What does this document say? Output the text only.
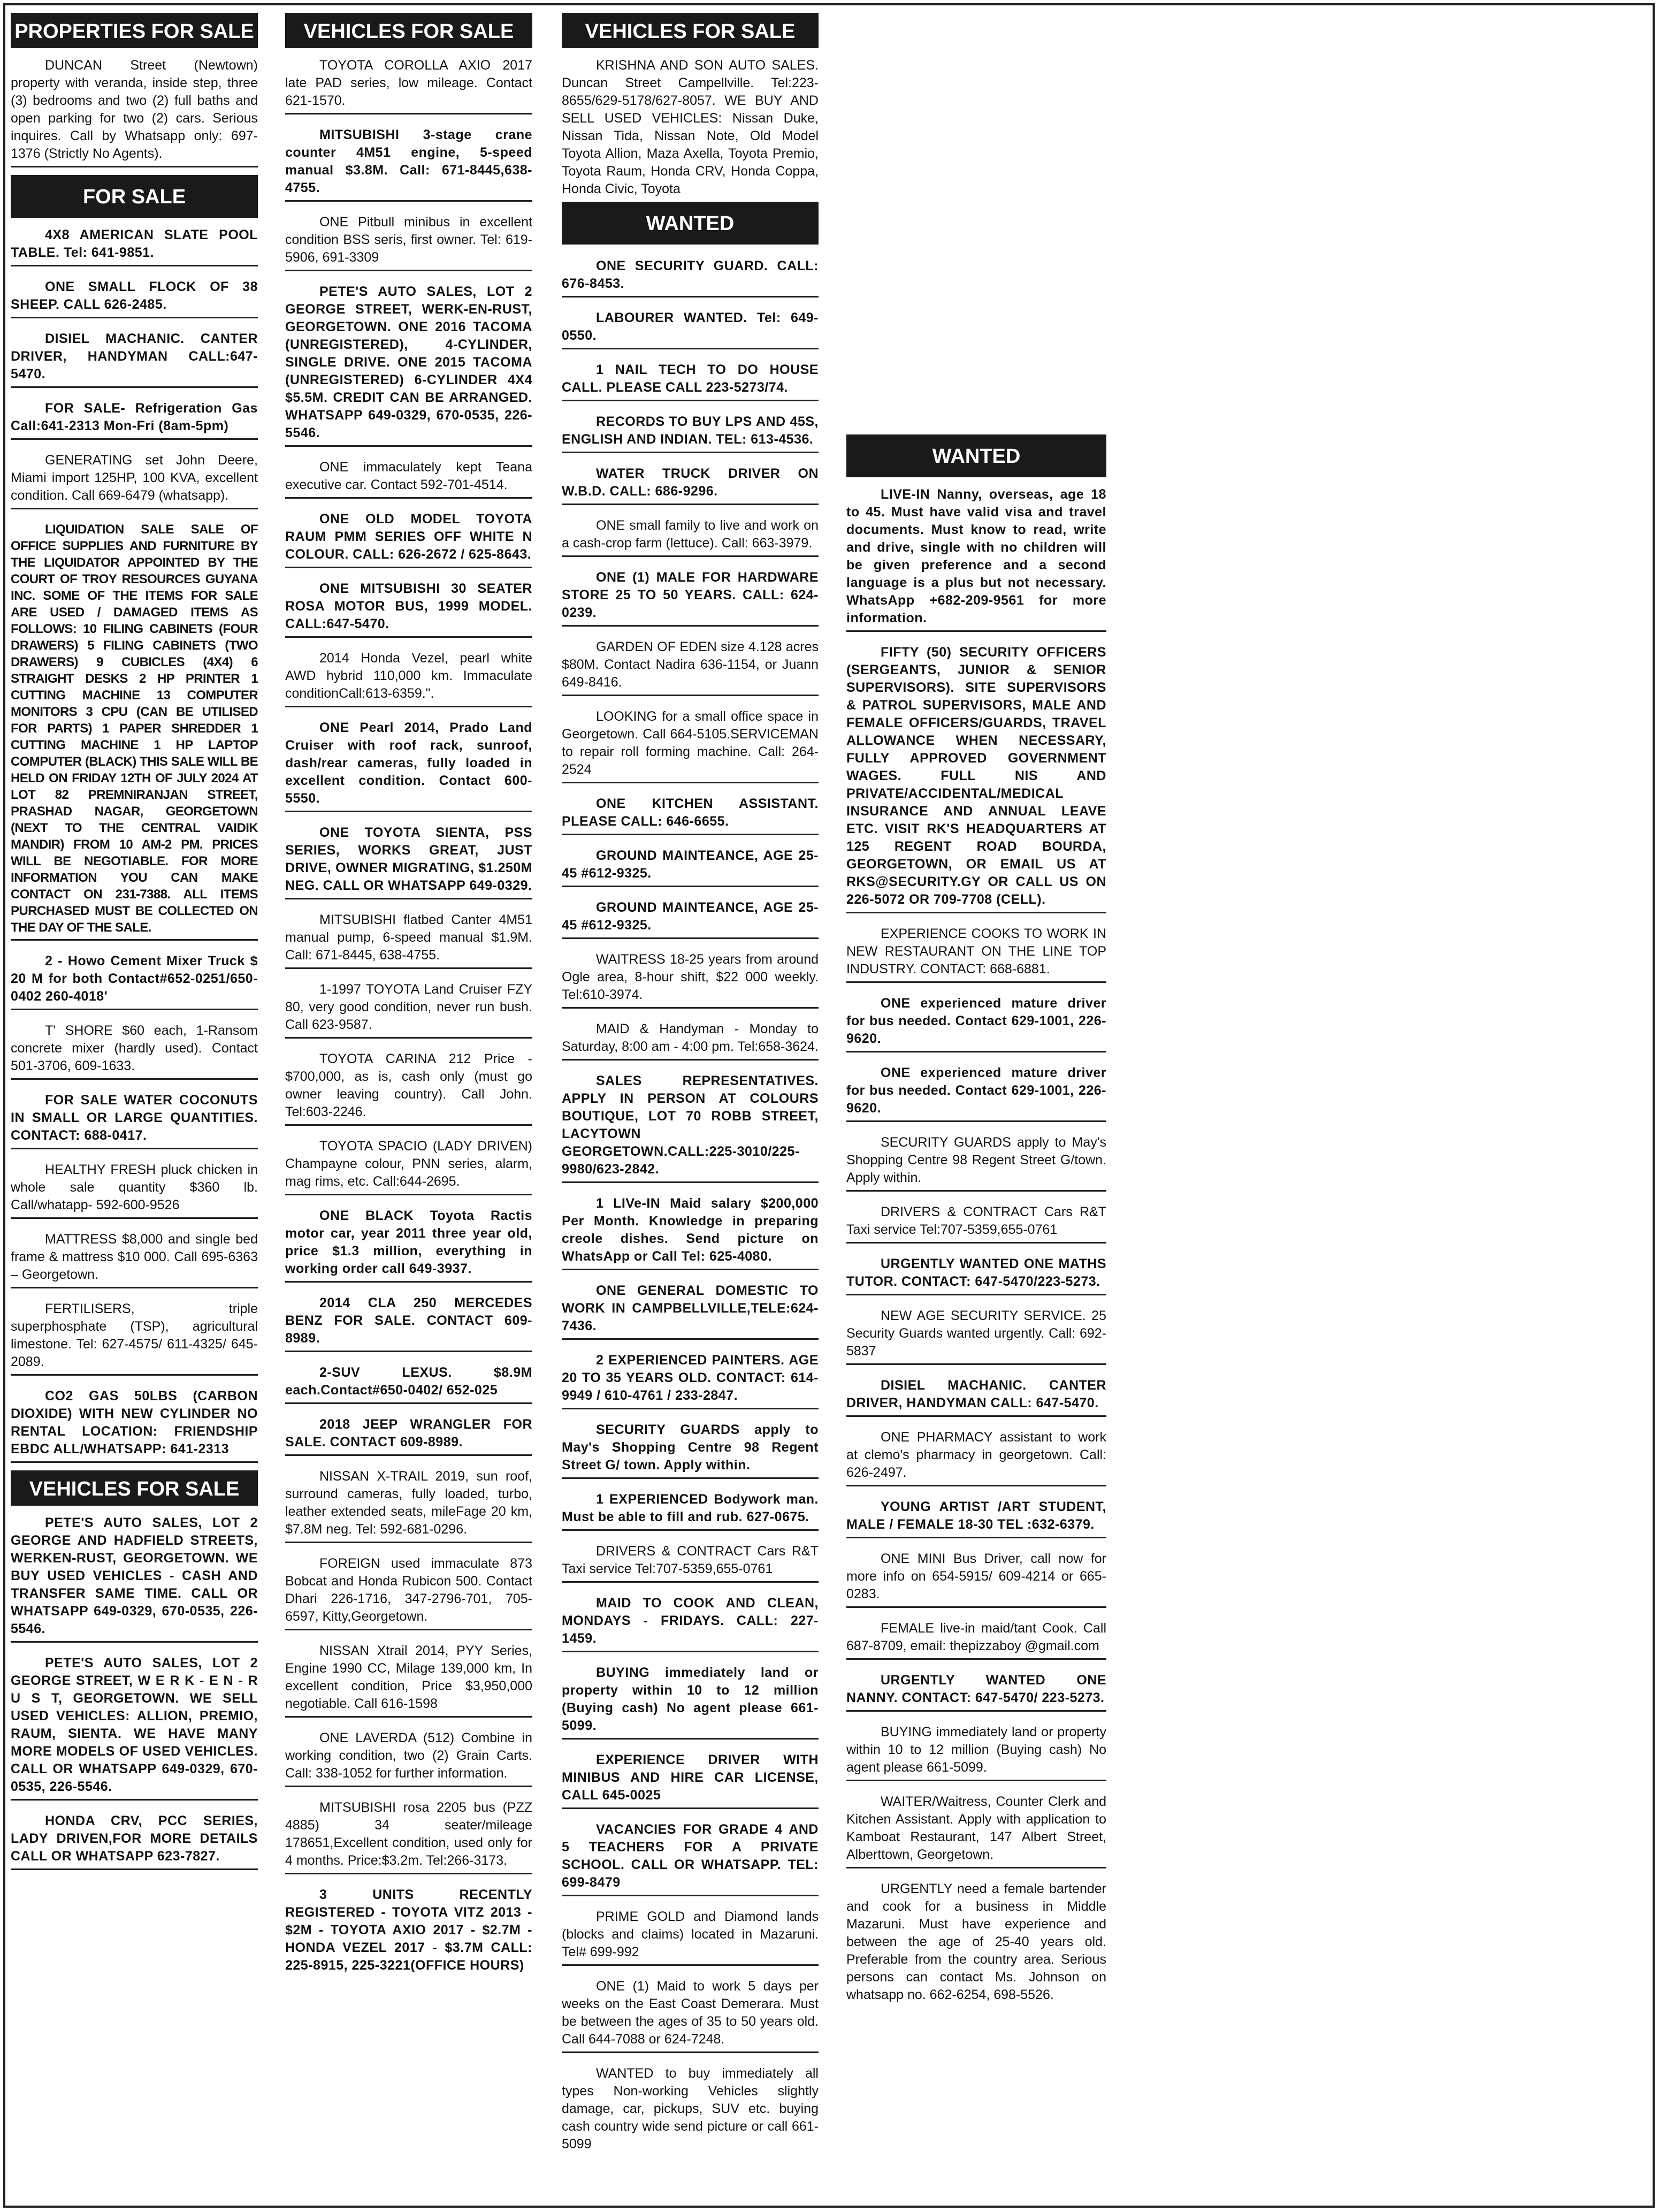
PROPERTIES FOR SALE
DUNCAN Street (Newtown) property with veranda, inside step, three (3) bedrooms and two (2) full baths and open parking for two (2) cars. Serious inquires. Call by Whatsapp only: 697-1376 (Strictly No Agents).
FOR SALE
4X8 AMERICAN SLATE POOL TABLE. Tel: 641-9851.
ONE SMALL FLOCK OF 38 SHEEP. CALL 626-2485.
DISIEL MACHANIC. CANTER DRIVER, HANDYMAN CALL:647-5470.
FOR SALE- Refrigeration Gas Call:641-2313 Mon-Fri (8am-5pm)
GENERATING set John Deere, Miami import 125HP, 100 KVA, excellent condition. Call 669-6479 (whatsapp).
LIQUIDATION SALE SALE OF OFFICE SUPPLIES AND FURNITURE BY THE LIQUIDATOR APPOINTED BY THE COURT OF TROY RESOURCES GUYANA INC. SOME OF THE ITEMS FOR SALE ARE USED / DAMAGED ITEMS AS FOLLOWS: 10 FILING CABINETS (FOUR DRAWERS) 5 FILING CABINETS (TWO DRAWERS) 9 CUBICLES (4X4) 6 STRAIGHT DESKS 2 HP PRINTER 1 CUTTING MACHINE 13 COMPUTER MONITORS 3 CPU (CAN BE UTILISED FOR PARTS) 1 PAPER SHREDDER 1 CUTTING MACHINE 1 HP LAPTOP COMPUTER (BLACK) THIS SALE WILL BE HELD ON FRIDAY 12TH OF JULY 2024 AT LOT 82 PREMNIRANJAN STREET, PRASHAD NAGAR, GEORGETOWN (NEXT TO THE CENTRAL VAIDIK MANDIR) FROM 10 AM-2 PM. PRICES WILL BE NEGOTIABLE. FOR MORE INFORMATION YOU CAN MAKE CONTACT ON 231-7388. ALL ITEMS PURCHASED MUST BE COLLECTED ON THE DAY OF THE SALE.
2 - Howo Cement Mixer Truck $ 20 M for both Contact#652-0251/650-0402 260-4018'
T' SHORE $60 each, 1-Ransom concrete mixer (hardly used). Contact 501-3706, 609-1633.
FOR SALE WATER COCONUTS IN SMALL OR LARGE QUANTITIES. CONTACT: 688-0417.
HEALTHY FRESH pluck chicken in whole sale quantity $360 lb. Call/whatapp- 592-600-9526
MATTRESS $8,000 and single bed frame & mattress $10 000. Call 695-6363 – Georgetown.
FERTILISERS, triple superphosphate (TSP), agricultural limestone. Tel: 627-4575/ 611-4325/ 645-2089.
CO2 GAS 50LBS (CARBON DIOXIDE) WITH NEW CYLINDER NO RENTAL LOCATION: FRIENDSHIP EBDC ALL/WHATSAPP: 641-2313
VEHICLES FOR SALE
PETE'S AUTO SALES, LOT 2 GEORGE AND HADFIELD STREETS, WERKEN-RUST, GEORGETOWN. WE BUY USED VEHICLES - CASH AND TRANSFER SAME TIME. CALL OR WHATSAPP 649-0329, 670-0535, 226-5546.
PETE'S AUTO SALES, LOT 2 GEORGE STREET, W E R K - E N - R U S T, GEORGETOWN. WE SELL USED VEHICLES: ALLION, PREMIO, RAUM, SIENTA. WE HAVE MANY MORE MODELS OF USED VEHICLES. CALL OR WHATSAPP 649-0329, 670-0535, 226-5546.
HONDA CRV, PCC SERIES, LADY DRIVEN,FOR MORE DETAILS CALL OR WHATSAPP 623-7827.
VEHICLES FOR SALE
TOYOTA COROLLA AXIO 2017 late PAD series, low mileage. Contact 621-1570.
MITSUBISHI 3-stage crane counter 4M51 engine, 5-speed manual $3.8M. Call: 671-8445,638-4755.
ONE Pitbull minibus in excellent condition BSS seris, first owner. Tel: 619-5906, 691-3309
PETE'S AUTO SALES, LOT 2 GEORGE STREET, WERK-EN-RUST, GEORGETOWN. ONE 2016 TACOMA (UNREGISTERED), 4-CYLINDER, SINGLE DRIVE. ONE 2015 TACOMA (UNREGISTERED) 6-CYLINDER 4X4 $5.5M. CREDIT CAN BE ARRANGED. WHATSAPP 649-0329, 670-0535, 226-5546.
ONE immaculately kept Teana executive car. Contact 592-701-4514.
ONE OLD MODEL TOYOTA RAUM PMM SERIES OFF WHITE N COLOUR. CALL: 626-2672 / 625-8643.
ONE MITSUBISHI 30 SEATER ROSA MOTOR BUS, 1999 MODEL. CALL:647-5470.
2014 Honda Vezel, pearl white AWD hybrid 110,000 km. Immaculate conditionCall:613-6359.".
ONE Pearl 2014, Prado Land Cruiser with roof rack, sunroof, dash/rear cameras, fully loaded in excellent condition. Contact 600-5550.
ONE TOYOTA SIENTA, PSS SERIES, WORKS GREAT, JUST DRIVE, OWNER MIGRATING, $1.250M NEG. CALL OR WHATSAPP 649-0329.
MITSUBISHI flatbed Canter 4M51 manual pump, 6-speed manual $1.9M. Call: 671-8445, 638-4755.
1-1997 TOYOTA Land Cruiser FZY 80, very good condition, never run bush. Call 623-9587.
TOYOTA CARINA 212 Price - $700,000, as is, cash only (must go owner leaving country). Call John. Tel:603-2246.
TOYOTA SPACIO (LADY DRIVEN) Champayne colour, PNN series, alarm, mag rims, etc. Call:644-2695.
ONE BLACK Toyota Ractis motor car, year 2011 three year old, price $1.3 million, everything in working order call 649-3937.
2014 CLA 250 MERCEDES BENZ FOR SALE. CONTACT 609-8989.
2-SUV LEXUS. $8.9M each.Contact#650-0402/ 652-025
2018 JEEP WRANGLER FOR SALE. CONTACT 609-8989.
NISSAN X-TRAIL 2019, sun roof, surround cameras, fully loaded, turbo, leather extended seats, mileFage 20 km, $7.8M neg. Tel: 592-681-0296.
FOREIGN used immaculate 873 Bobcat and Honda Rubicon 500. Contact Dhari 226-1716, 347-2796-701, 705-6597, Kitty,Georgetown.
NISSAN Xtrail 2014, PYY Series, Engine 1990 CC, Milage 139,000 km, In excellent condition, Price $3,950,000 negotiable. Call 616-1598
ONE LAVERDA (512) Combine in working condition, two (2) Grain Carts. Call: 338-1052 for further information.
MITSUBISHI rosa 2205 bus (PZZ 4885) 34 seater/mileage 178651,Excellent condition, used only for 4 months. Price:$3.2m. Tel:266-3173.
3 UNITS RECENTLY REGISTERED - TOYOTA VITZ 2013 - $2M - TOYOTA AXIO 2017 - $2.7M - HONDA VEZEL 2017 - $3.7M CALL: 225-8915, 225-3221(OFFICE HOURS)
VEHICLES FOR SALE
KRISHNA AND SON AUTO SALES. Duncan Street Campellville. Tel:223-8655/629-5178/627-8057. WE BUY AND SELL USED VEHICLES: Nissan Duke, Nissan Tida, Nissan Note, Old Model Toyota Allion, Maza Axella, Toyota Premio, Toyota Raum, Honda CRV, Honda Coppa, Honda Civic, Toyota
WANTED
ONE SECURITY GUARD. CALL: 676-8453.
LABOURER WANTED. Tel: 649-0550.
1 NAIL TECH TO DO HOUSE CALL. PLEASE CALL 223-5273/74.
RECORDS TO BUY LPS AND 45S, ENGLISH AND INDIAN. TEL: 613-4536.
WATER TRUCK DRIVER ON W.B.D. CALL: 686-9296.
ONE small family to live and work on a cash-crop farm (lettuce). Call: 663-3979.
ONE (1) MALE FOR HARDWARE STORE 25 TO 50 YEARS. CALL: 624-0239.
GARDEN OF EDEN size 4.128 acres $80M. Contact Nadira 636-1154, or Juann 649-8416.
LOOKING for a small office space in Georgetown. Call 664-5105.SERVICEMAN to repair roll forming machine. Call: 264-2524
ONE KITCHEN ASSISTANT. PLEASE CALL: 646-6655.
GROUND MAINTEANCE, AGE 25-45 #612-9325.
GROUND MAINTEANCE, AGE 25-45 #612-9325.
WAITRESS 18-25 years from around Ogle area, 8-hour shift, $22 000 weekly. Tel:610-3974.
MAID & Handyman - Monday to Saturday, 8:00 am - 4:00 pm. Tel:658-3624.
SALES REPRESENTATIVES. APPLY IN PERSON AT COLOURS BOUTIQUE, LOT 70 ROBB STREET, LACYTOWN GEORGETOWN.CALL:225-3010/225-9980/623-2842.
1 LIVe-IN Maid salary $200,000 Per Month. Knowledge in preparing creole dishes. Send picture on WhatsApp or Call Tel: 625-4080.
ONE GENERAL DOMESTIC TO WORK IN CAMPBELLVILLE,TELE:624-7436.
2 EXPERIENCED PAINTERS. AGE 20 TO 35 YEARS OLD. CONTACT: 614-9949 / 610-4761 / 233-2847.
SECURITY GUARDS apply to May's Shopping Centre 98 Regent Street G/ town. Apply within.
1 EXPERIENCED Bodywork man. Must be able to fill and rub. 627-0675.
DRIVERS & CONTRACT Cars R&T Taxi service Tel:707-5359,655-0761
MAID TO COOK AND CLEAN, MONDAYS - FRIDAYS. CALL: 227-1459.
BUYING immediately land or property within 10 to 12 million (Buying cash) No agent please 661-5099.
EXPERIENCE DRIVER WITH MINIBUS AND HIRE CAR LICENSE, CALL 645-0025
VACANCIES FOR GRADE 4 AND 5 TEACHERS FOR A PRIVATE SCHOOL. CALL OR WHATSAPP. TEL: 699-8479
PRIME GOLD and Diamond lands (blocks and claims) located in Mazaruni. Tel# 699-992
ONE (1) Maid to work 5 days per weeks on the East Coast Demerara. Must be between the ages of 35 to 50 years old. Call 644-7088 or 624-7248.
WANTED to buy immediately all types Non-working Vehicles slightly damage, car, pickups, SUV etc. buying cash country wide send picture or call 661-5099
WANTED
LIVE-IN Nanny, overseas, age 18 to 45. Must have valid visa and travel documents. Must know to read, write and drive, single with no children will be given preference and a second language is a plus but not necessary. WhatsApp +682-209-9561 for more information.
FIFTY (50) SECURITY OFFICERS (SERGEANTS, JUNIOR & SENIOR SUPERVISORS). SITE SUPERVISORS & PATROL SUPERVISORS, MALE AND FEMALE OFFICERS/GUARDS, TRAVEL ALLOWANCE WHEN NECESSARY, FULLY APPROVED GOVERNMENT WAGES. FULL NIS AND PRIVATE/ACCIDENTAL/MEDICAL INSURANCE AND ANNUAL LEAVE ETC. VISIT RK'S HEADQUARTERS AT 125 REGENT ROAD BOURDA, GEORGETOWN, OR EMAIL US AT RKS@SECURITY.GY OR CALL US ON 226-5072 OR 709-7708 (CELL).
EXPERIENCE COOKS TO WORK IN NEW RESTAURANT ON THE LINE TOP INDUSTRY. CONTACT: 668-6881.
ONE experienced mature driver for bus needed. Contact 629-1001, 226-9620.
ONE experienced mature driver for bus needed. Contact 629-1001, 226-9620.
SECURITY GUARDS apply to May's Shopping Centre 98 Regent Street G/town. Apply within.
DRIVERS & CONTRACT Cars R&T Taxi service Tel:707-5359,655-0761
URGENTLY WANTED ONE MATHS TUTOR. CONTACT: 647-5470/223-5273.
NEW AGE SECURITY SERVICE. 25 Security Guards wanted urgently. Call: 692-5837
DISIEL MACHANIC. CANTER DRIVER, HANDYMAN CALL: 647-5470.
ONE PHARMACY assistant to work at clemo's pharmacy in georgetown. Call: 626-2497.
YOUNG ARTIST /ART STUDENT, MALE / FEMALE 18-30 TEL :632-6379.
ONE MINI Bus Driver, call now for more info on 654-5915/ 609-4214 or 665-0283.
FEMALE live-in maid/tant Cook. Call 687-8709, email: thepizzaboy @gmail.com
URGENTLY WANTED ONE NANNY. CONTACT: 647-5470/ 223-5273.
BUYING immediately land or property within 10 to 12 million (Buying cash) No agent please 661-5099.
WAITER/Waitress, Counter Clerk and Kitchen Assistant. Apply with application to Kamboat Restaurant, 147 Albert Street, Alberttown, Georgetown.
URGENTLY need a female bartender and cook for a business in Middle Mazaruni. Must have experience and between the age of 25-40 years old. Preferable from the country area. Serious persons can contact Ms. Johnson on whatsapp no. 662-6254, 698-5526.
